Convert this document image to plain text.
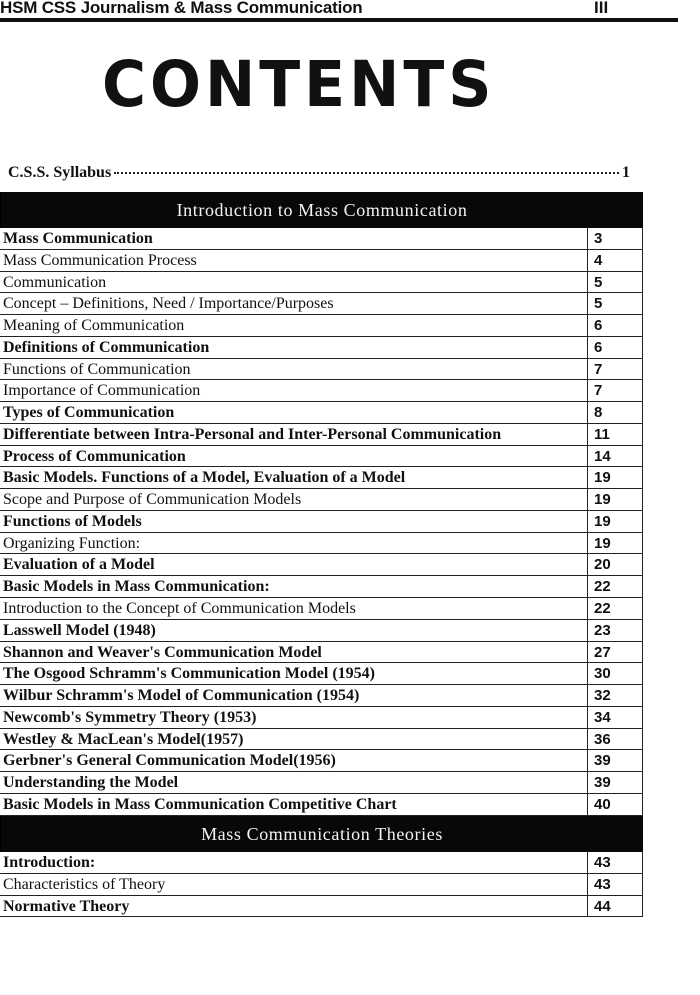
HSM CSS Journalism & Mass Communication	III
CONTENTS
C.S.S. Syllabus	1
Introduction to Mass Communication
Mass Communication	3
Mass Communication Process	4
Communication	5
Concept – Definitions, Need / Importance/Purposes	5
Meaning of Communication	6
Definitions of Communication	6
Functions of Communication	7
Importance of Communication	7
Types of Communication	8
Differentiate between Intra-Personal and Inter-Personal Communication	11
Process of Communication	14
Basic Models. Functions of a Model, Evaluation of a Model	19
Scope and Purpose of Communication Models	19
Functions of Models	19
Organizing Function:	19
Evaluation of a Model	20
Basic Models in Mass Communication:	22
Introduction to the Concept of Communication Models	22
Lasswell Model (1948)	23
Shannon and Weaver's Communication Model	27
The Osgood Schramm's Communication Model (1954)	30
Wilbur Schramm's Model of Communication (1954)	32
Newcomb's Symmetry Theory (1953)	34
Westley & MacLean's Model(1957)	36
Gerbner's General Communication Model(1956)	39
Understanding the Model	39
Basic Models in Mass Communication Competitive Chart	40
Mass Communication Theories
Introduction:	43
Characteristics of Theory	43
Normative Theory	44
